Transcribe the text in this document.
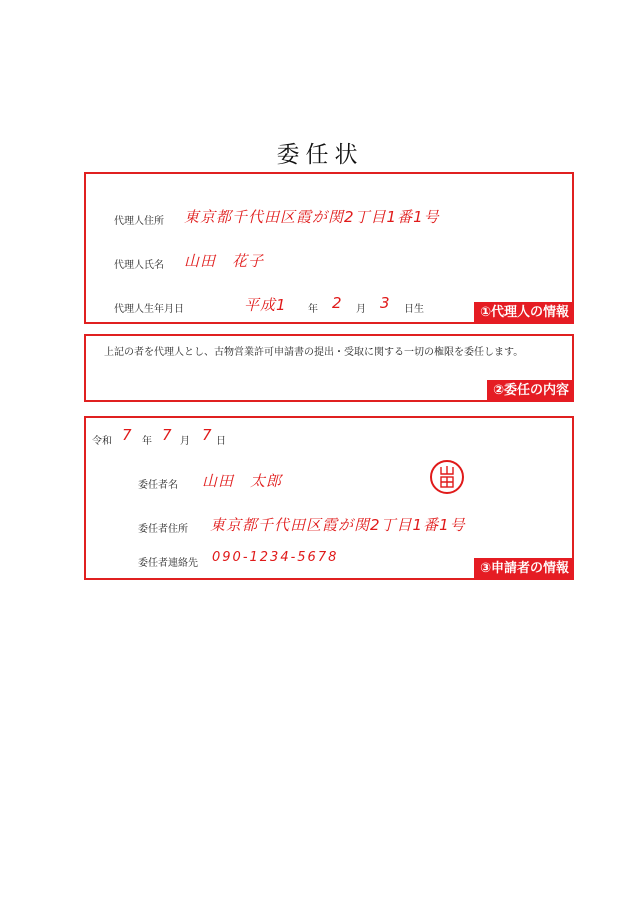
委任状
代理人住所 東京都千代田区霞が関2丁目1番1号
代理人氏名 山田　花子
代理人生年月日	平成1 年 2 月 3 日生	①代理人の情報
上記の者を代理人とし、古物営業許可申請書の提出・受取に関する一切の権限を委任します。
②委任の内容
令和 7 年 7 月 7 日
委任者名 山田　太郎
委任者住所 東京都千代田区霞が関2丁目1番1号
委任者連絡先 090-1234-5678
③申請者の情報
